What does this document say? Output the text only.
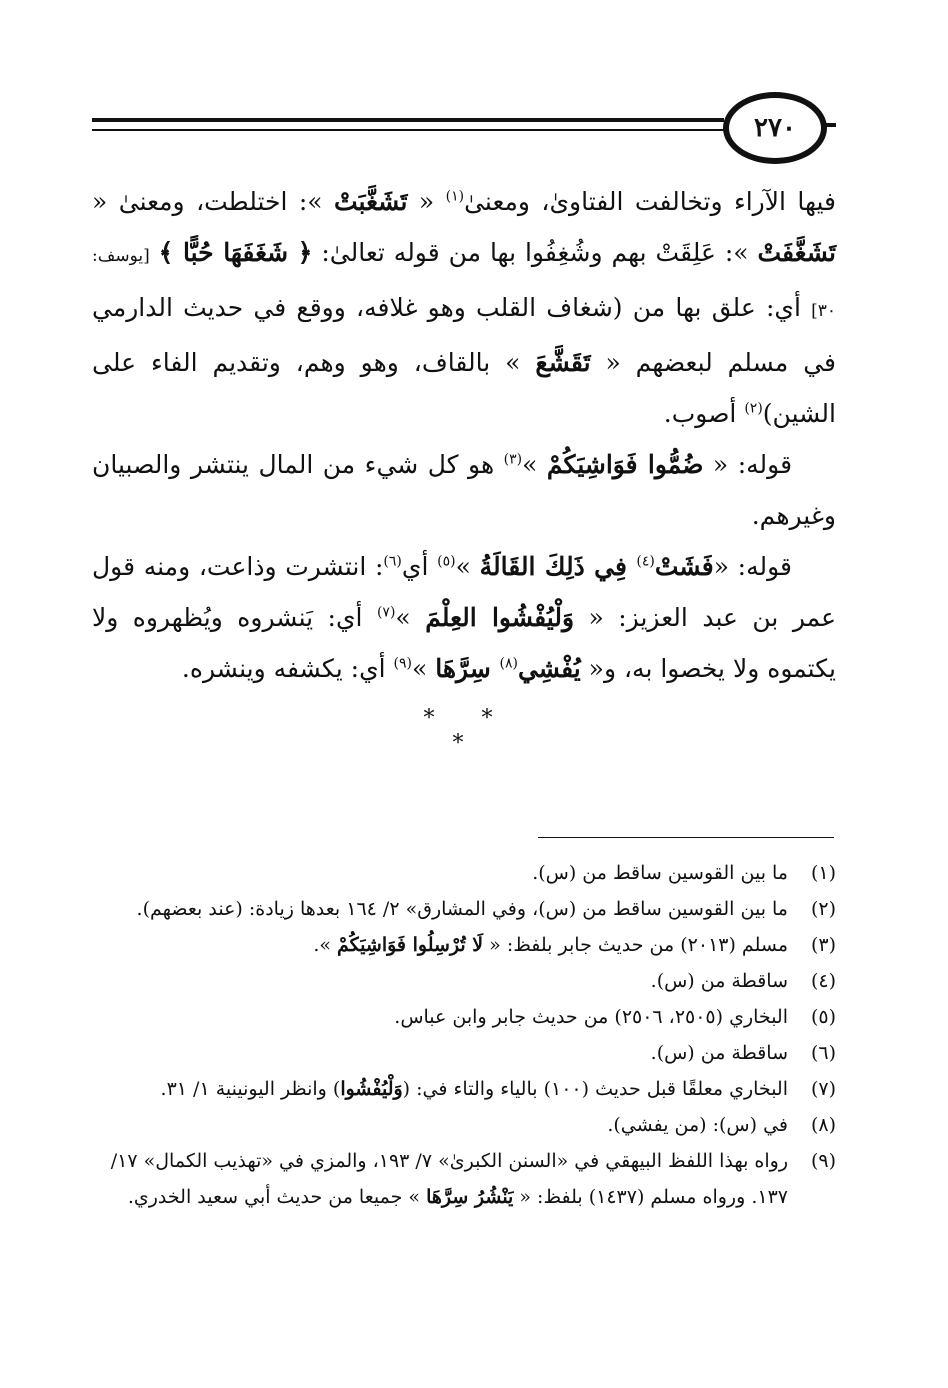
٢٧٠

فيها الآراء وتخالفت الفتاوىٰ، ومعنىٰ$^{(١)}$ « تَشَغَّبَتْ »: اختلطت، ومعنىٰ « تَشَغَّفَتْ »: عَلِقَتْ بهم وشُغِفُوا بها من قوله تعالىٰ: ﴿ شَغَفَهَا حُبًّا ﴾ [يوسف: ٣٠] أي: علق بها من (شغاف القلب وهو غلافه، ووقع في حديث الدارمي في مسلم لبعضهم « تَقَشَّعَ » بالقاف، وهو وهم، وتقديم الفاء على الشين)$^{(٢)}$ أصوب.

قوله: « ضُمُّوا فَوَاشِيَكُمْ »$^{(٣)}$ هو كل شيء من المال ينتشر والصبيان وغيرهم.

قوله: «فَشَتْ$^{(٤)}$ فِي ذَلِكَ القَالَةُ »$^{(٥)}$ أي$^{(٦)}$: انتشرت وذاعت، ومنه قول عمر بن عبد العزيز: « وَلْيُفْشُوا العِلْمَ »$^{(٧)}$ أي: يَنشروه ويُظهروه ولا يكتموه ولا يخصوا به، و« يُفْشِي$^{(٨)}$ سِرَّهَا »$^{(٩)}$ أي: يكشفه وينشره.

* * *
(١)
ما بين القوسين ساقط من (س).
(٢)
ما بين القوسين ساقط من (س)، وفي المشارق» ٢/ ١٦٤ بعدها زيادة: (عند بعضهم).
(٣)
مسلم (٢٠١٣) من حديث جابر بلفظ: « لَا تُرْسِلُوا فَوَاشِيَكُمْ ».
(٤)
ساقطة من (س).
(٥)
البخاري (٢٥٠٥، ٢٥٠٦) من حديث جابر وابن عباس.
(٦)
ساقطة من (س).
(٧)
البخاري معلقًا قبل حديث (١٠٠) بالياء والتاء في: (وَلْيُفْشُوا) وانظر اليونينية ١/ ٣١.
(٨)
في (س): (من يفشي).
(٩)
رواه بهذا اللفظ البيهقي في «السنن الكبرىٰ» ٧/ ١٩٣، والمزي في «تهذيب الكمال» ١٧/ ١٣٧. ورواه مسلم (١٤٣٧) بلفظ: « يَنْشُرُ سِرَّهَا » جميعا من حديث أبي سعيد الخدري.
